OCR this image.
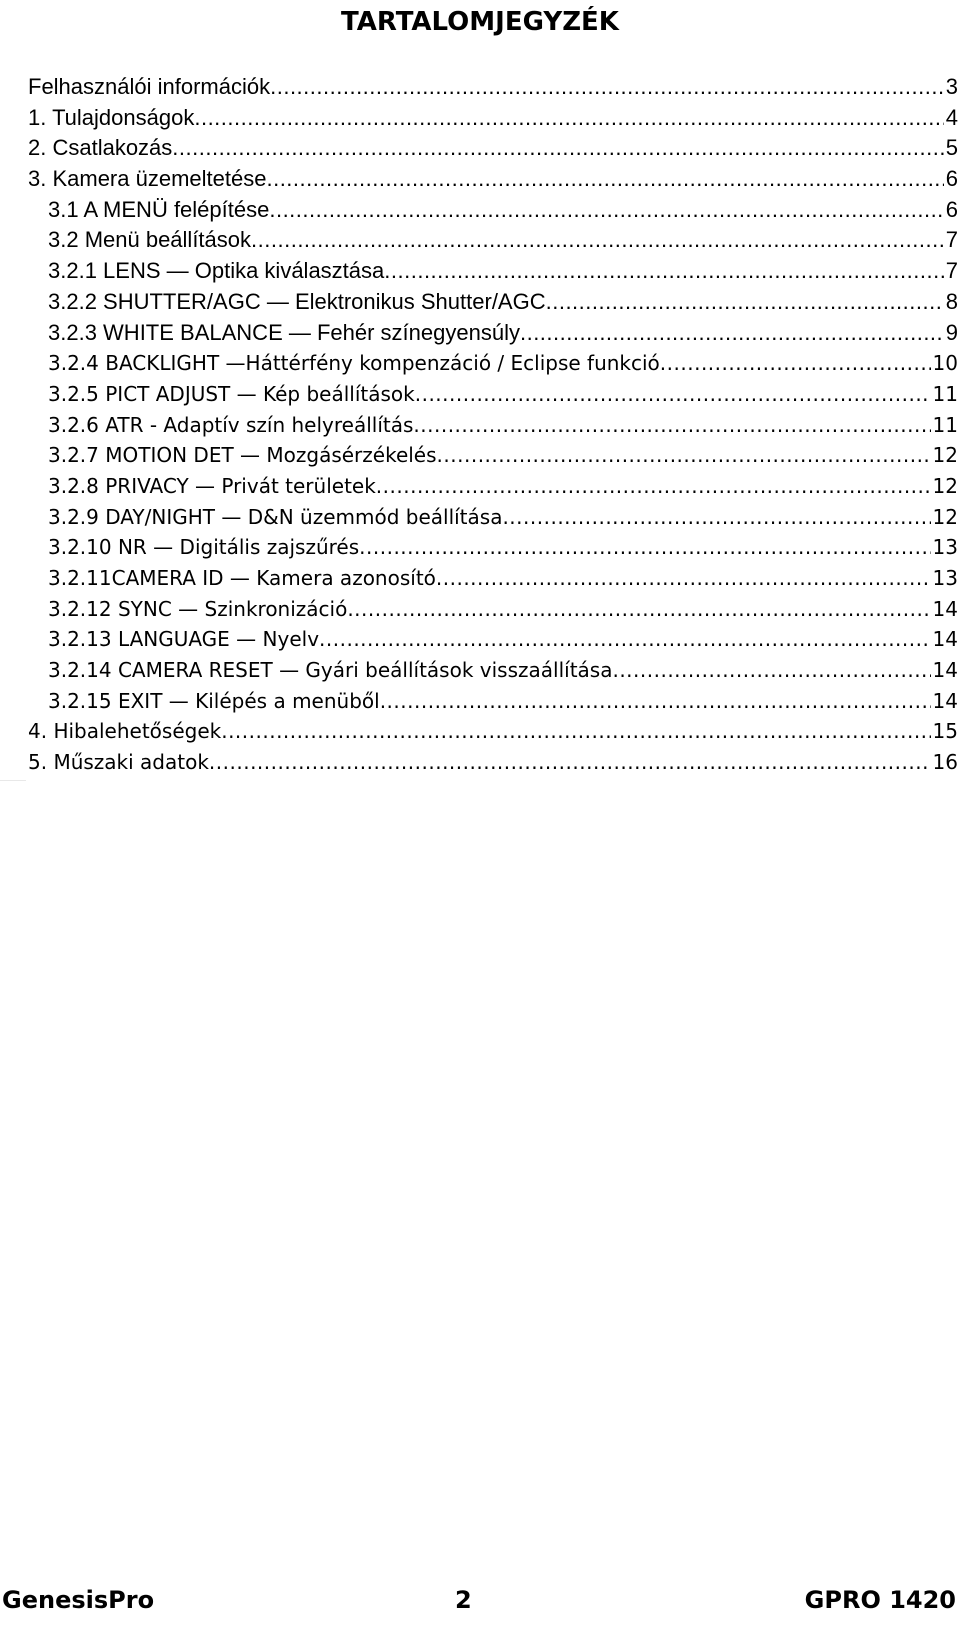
TARTALOMJEGYZÉK
Felhasználói információk .....	3
1. Tulajdonságok .....	4
2. Csatlakozás .....	5
3. Kamera üzemeltetése .....	6
3.1 A MENÜ felépítése .....	6
3.2 Menü beállítások .....	7
3.2.1 LENS — Optika kiválasztása .....	7
3.2.2 SHUTTER/AGC — Elektronikus Shutter/AGC .....	8
3.2.3 WHITE BALANCE — Fehér színegyensúly .....	9
3.2.4 BACKLIGHT —Háttérfény kompenzáció / Eclipse funkció .....	10
3.2.5 PICT ADJUST — Kép beállítások .....	11
3.2.6 ATR - Adaptív szín helyreállítás .....	11
3.2.7 MOTION DET — Mozgásérzékelés .....	12
3.2.8 PRIVACY — Privát területek .....	12
3.2.9 DAY/NIGHT — D&N üzemmód beállítása .....	12
3.2.10 NR — Digitális zajszűrés .....	13
3.2.11CAMERA ID — Kamera azonosító .....	13
3.2.12 SYNC — Szinkronizáció .....	14
3.2.13 LANGUAGE — Nyelv .....	14
3.2.14 CAMERA RESET — Gyári beállítások visszaállítása .....	14
3.2.15 EXIT — Kilépés a menüből .....	14
4. Hibalehetőségek .....	15
5. Műszaki adatok .....	16
GenesisPro	2	GPRO 1420
